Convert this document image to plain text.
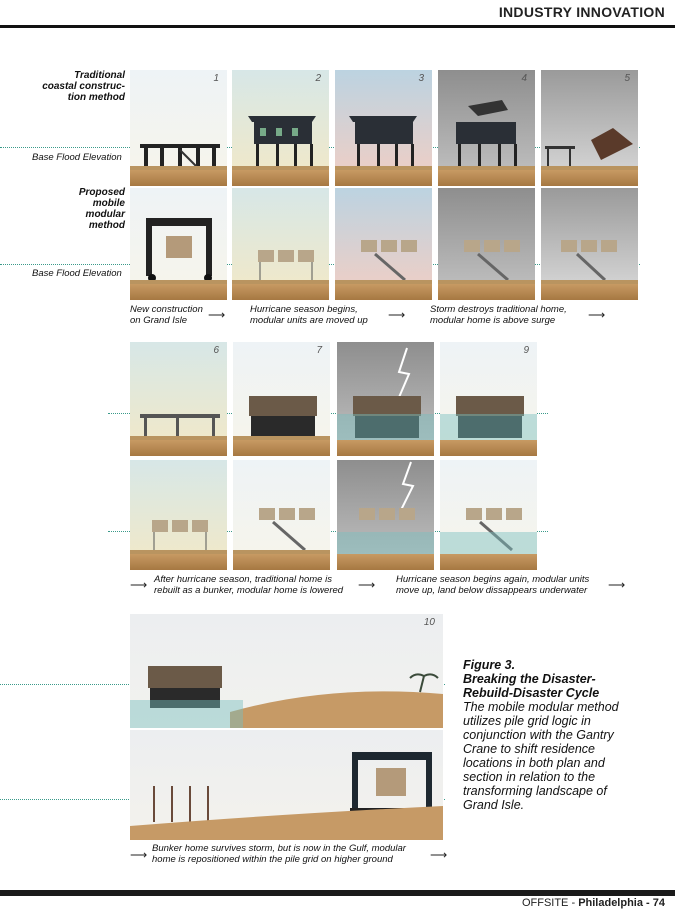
INDUSTRY INNOVATION
Traditional
coastal construc-
tion method
Base Flood Elevation
Proposed
mobile
modular
method
Base Flood Elevation
1	2	3	4	5
New construction
on Grand Isle	⟶	Hurricane season begins,
modular units are moved up ⟶	Storm destroys traditional home,
modular home is above surge	⟶
6	7	9
⟶ After hurricane season, traditional home is
rebuilt as a bunker, modular home is lowered ⟶ Hurricane season begins again, modular units
move up, land below dissappears underwater ⟶
10
Figure 3.
Breaking the Disaster-
Rebuild-Disaster Cycle
The mobile modular method
utilizes pile grid logic in
conjunction with the Gantry
Crane to shift residence
locations in both plan and
section in relation to the
transforming landscape of
Grand Isle.
⟶ Bunker home survives storm, but is now in the Gulf, modular
home is repositioned within the pile grid on higher ground	⟶
OFFSITE - Philadelphia - 74
